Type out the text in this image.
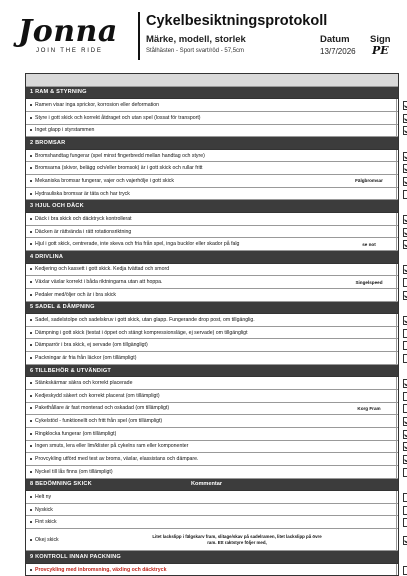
Jonna
JOIN THE RIDE
Cykelbesiktningsprotokoll
Märke, modell, storlek
Stålhästen - Sport svart/röd - 57,5cm
Datum
13/7/2026
Sign
PE
1 RAM & STYRNING
Ramen visar inga sprickor, korrosion eller deformation
Styre i gott skick och korrekt åtdraget och utan spel (lossat för transport)
Inget glapp i styrstammen
2 BROMSAR
Bromshandtag fungerar (spel minst fingerbredd mellan handtag och styre)
Bromsarna (skivor, belägg och/eller bromsok) är i gott skick och rullar fritt
Mekaniska bromsar fungerar, vajer och vajerhölje i gott skick	Fälgbromsar
Hydrauliska bromsar är täta och har tryck
3 HJUL OCH DÄCK
Däck i bra skick och däcktryck kontrollerat
Däcken är rättvända i rätt rotationsriktning
Hjul i gott skick, centrerade, inte skeva och fria från spel, inga bucklor eller skador på falg	se not
4 DRIVLINA
Kedjering och kassett i gott skick. Kedja tvättad och smord
Växlar växlar korrekt i båda riktningarna utan att hoppa.	Singelspeed
Pedaler med/öljer och är i bra skick
5 SADEL & DÄMPNING
Sadel, sadelstolpe och sadelskruv i gott skick, utan glapp. Fungerande drop post, om tillgänglig.
Dämpning i gott skick (testat i öppet och stängt kompressionsläge, ej servade) om tillgängligt
Dämparrör i bra skick, ej servade (om tillgängligt)
Packningar är fria från läckor (om tillämpligt)
6 TILLBEHÖR & UTVÄNDIGT
Stänkskärmar säkra och korrekt placerade
Kedjeskydd säkert och korrekt placerat (om tillämpligt)
Pakethållare är fast monterad och oskadad (om tillämpligt)	Korg Fram
Cykelstöd - funktionellt och fritt från spel (om tillämpligt)
Ringklocka fungerar (om tillämpligt)
Ingen smuts, lera eller lim/klister på cykelns ram eller komponenter
Provcykling utförd med test av broms, växlar, elassistans och dämpare.
Nyckel till lås finns (om tillämpligt)
8 BEDÖMNING SKICK	Kommentar
Helt ny
Nyskick
Fint skick
Okej skick
Litet lackslipp i fälgskarv fram, slitage/skav på sadelramen, litet lackslipp på övre ram. Ett raktstyre följer med,
9 KONTROLL INNAN PACKNING
Provcykling med inbromsning, växling och däcktryck
